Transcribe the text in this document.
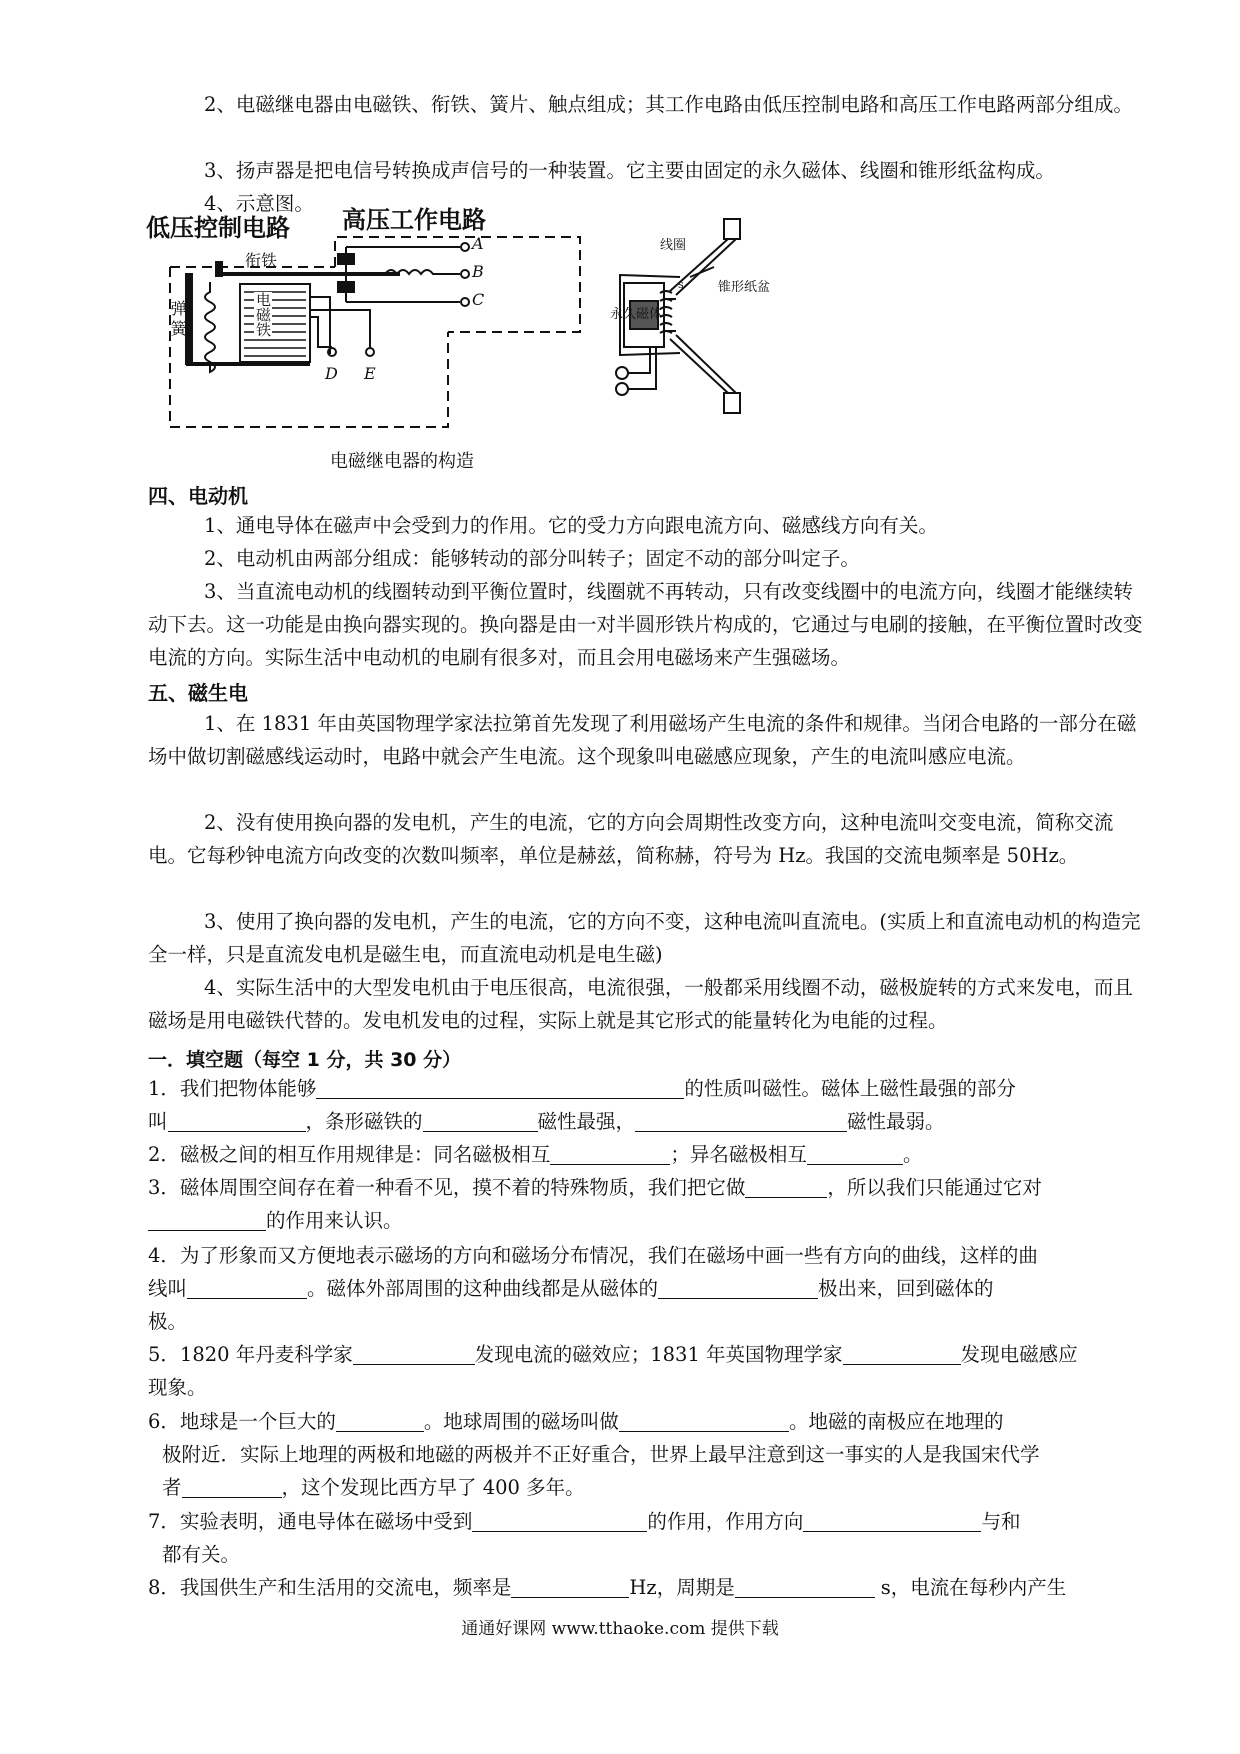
2、电磁继电器由电磁铁、衔铁、簧片、触点组成；其工作电路由低压控制电路和高压工作电路两部分组成。
3、扬声器是把电信号转换成声信号的一种装置。它主要由固定的永久磁体、线圈和锥形纸盆构成。
4、示意图。
低压控制电路 高压工作电路
衔铁
弹簧	电磁铁
A
B
C
D E
电磁继电器的构造
线圈
锥形纸盆
永久磁体
s
四、电动机
1、通电导体在磁声中会受到力的作用。它的受力方向跟电流方向、磁感线方向有关。
2、电动机由两部分组成：能够转动的部分叫转子；固定不动的部分叫定子。
3、当直流电动机的线圈转动到平衡位置时，线圈就不再转动，只有改变线圈中的电流方向，线圈才能继续转动下去。这一功能是由换向器实现的。换向器是由一对半圆形铁片构成的，它通过与电刷的接触，在平衡位置时改变电流的方向。实际生活中电动机的电刷有很多对，而且会用电磁场来产生强磁场。
五、磁生电
1、在 1831 年由英国物理学家法拉第首先发现了利用磁场产生电流的条件和规律。当闭合电路的一部分在磁场中做切割磁感线运动时，电路中就会产生电流。这个现象叫电磁感应现象，产生的电流叫感应电流。
2、没有使用换向器的发电机，产生的电流，它的方向会周期性改变方向，这种电流叫交变电流，简称交流电。它每秒钟电流方向改变的次数叫频率，单位是赫兹，简称赫，符号为 Hz。我国的交流电频率是 50Hz。
3、使用了换向器的发电机，产生的电流，它的方向不变，这种电流叫直流电。(实质上和直流电动机的构造完全一样，只是直流发电机是磁生电，而直流电动机是电生磁)
4、实际生活中的大型发电机由于电压很高，电流很强，一般都采用线圈不动，磁极旋转的方式来发电，而且磁场是用电磁铁代替的。发电机发电的过程，实际上就是其它形式的能量转化为电能的过程。
一．填空题（每空 1 分，共 30 分）
1．我们把物体能够	的性质叫磁性。磁体上磁性最强的部分
叫	，条形磁铁的	磁性最强，	磁性最弱。
2．磁极之间的相互作用规律是：同名磁极相互	；异名磁极相互	。
3．磁体周围空间存在着一种看不见，摸不着的特殊物质，我们把它做	，所以我们只能通过它对
的作用来认识。
4．为了形象而又方便地表示磁场的方向和磁场分布情况，我们在磁场中画一些有方向的曲线，这样的曲
线叫	。磁体外部周围的这种曲线都是从磁体的	极出来，回到磁体的
极。
5．1820 年丹麦科学家	发现电流的磁效应；1831 年英国物理学家	发现电磁感应
现象。
6．地球是一个巨大的	。地球周围的磁场叫做	。地磁的南极应在地理的
极附近．实际上地理的两极和地磁的两极并不正好重合，世界上最早注意到这一事实的人是我国宋代学
者	，这个发现比西方早了 400 多年。
7．实验表明，通电导体在磁场中受到	的作用，作用方向	与和
都有关。
8．我国供生产和生活用的交流电，频率是	Hz，周期是	s，电流在每秒内产生
通通好课网 www.tthaoke.com 提供下载
